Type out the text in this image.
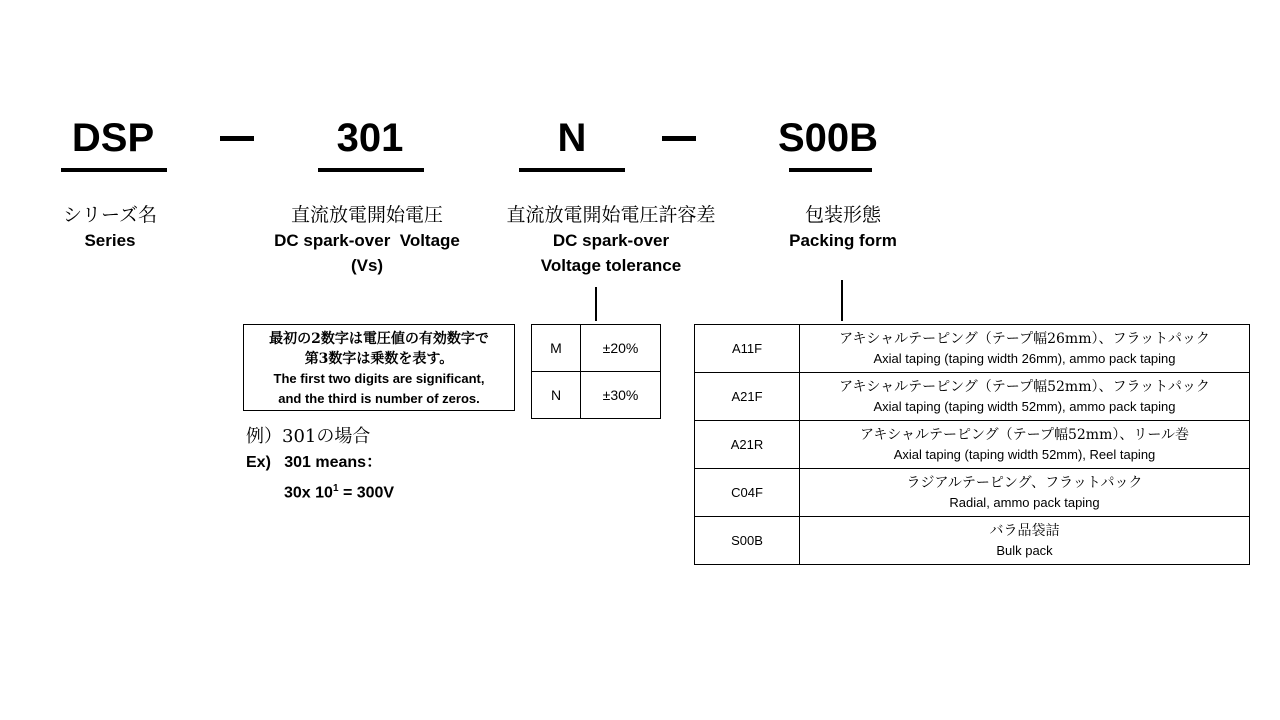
DSP	301	N	S00B
シリーズ名
Series
直流放電開始電圧
DC spark-over  Voltage
(Vs)
直流放電開始電圧許容差
DC spark-over
Voltage tolerance
包装形態
Packing form
最初の2数字は電圧値の有効数字で
第3数字は乗数を表す。
The first two digits are significant,
and the third is number of zeros.
例）301の場合
Ex)   301 means：
30x $10^1 = 300V$
M	±20%
N	±30%
A11F	アキシャルテーピング（テープ幅26mm）、フラットパック
Axial taping (taping width 26mm), ammo pack taping

A21F	アキシャルテーピング（テープ幅52mm）、フラットパック
Axial taping (taping width 52mm), ammo pack taping

A21R	アキシャルテーピング（テープ幅52mm）、リール巻
Axial taping (taping width 52mm), Reel taping

C04F	ラジアルテーピング、フラットパック
Radial, ammo pack taping

S00B	バラ品袋詰
Bulk pack
